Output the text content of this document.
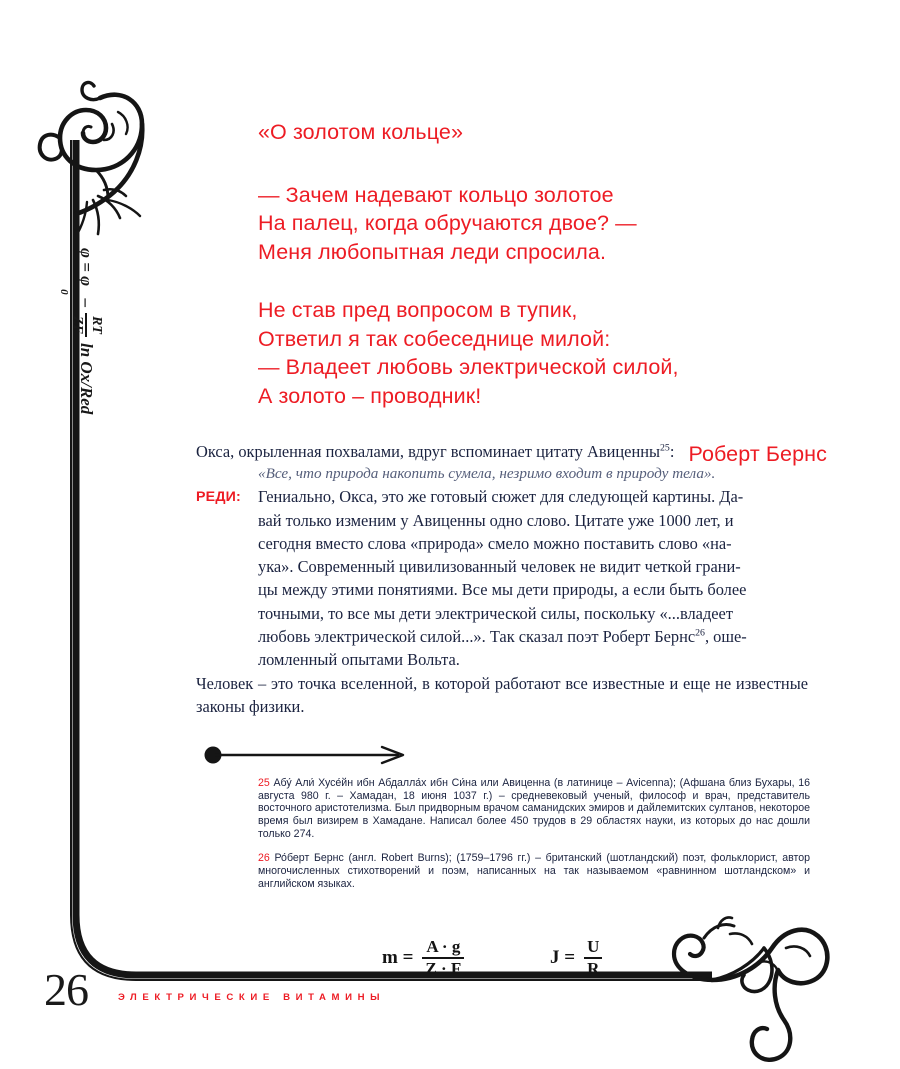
φ = φ
0
–
RT
ZF
ln Ox/Red
«О золотом кольце»
— Зачем надевают кольцо золотое
На палец, когда обручаются двое? —
Меня любопытная леди спросила.
Не став пред вопросом в тупик,
Ответил я так собеседнице милой:
— Владеет любовь электрической силой,
А золото – проводник!
Роберт Бернс

Окса, окрыленная похвалами, вдруг вспоминает цитату Авиценны$^{25}$:

«Все, что природа накопить сумела, незримо входит в природу тела».

РЕДИ: Гениально, Окса, это же готовый сюжет для следующей картины. Да-

вай только изменим у Авиценны одно слово. Цитате уже 1000 лет, и

сегодня вместо слова «природа» смело можно поставить слово «на-

ука». Современный цивилизованный человек не видит четкой грани-

цы между этими понятиями. Все мы дети природы, а если быть более

точными, то все мы дети электрической силы, поскольку «...владеет

любовь электрической силой...». Так сказал поэт Роберт Бернс$^{26}$, оше-

ломленный опытами Вольта.

Человек – это точка вселенной, в которой работают все известные и еще не известные законы физики.

25 Абу́ Али́ Хусе́йн ибн Абдалла́х ибн Си́на или Авиценна (в латинице – Avicenna); (Афшана близ Бухары, 16 августа 980 г. – Хамадан, 18 июня 1037 г.) – средневековый ученый, философ и врач, представитель восточного аристотелизма. Был придворным врачом саманидских эмиров и дайлемитских султанов, некоторое время был визирем в Хамадане. Написал более 450 трудов в 29 областях науки, из которых до нас дошли только 274.

26 Ро́берт Бернс (англ. Robert Burns); (1759–1796 гг.) – британский (шотландский) поэт, фольклорист, автор многочисленных стихотворений и поэм, написанных на так называемом «равнинном шотландском» и английском языках.

$m = \frac{A \cdot g}{Z \cdot F}$	$J = \frac{U}{R}$
26	ЭЛЕКТРИЧЕСКИЕ ВИТАМИНЫ
